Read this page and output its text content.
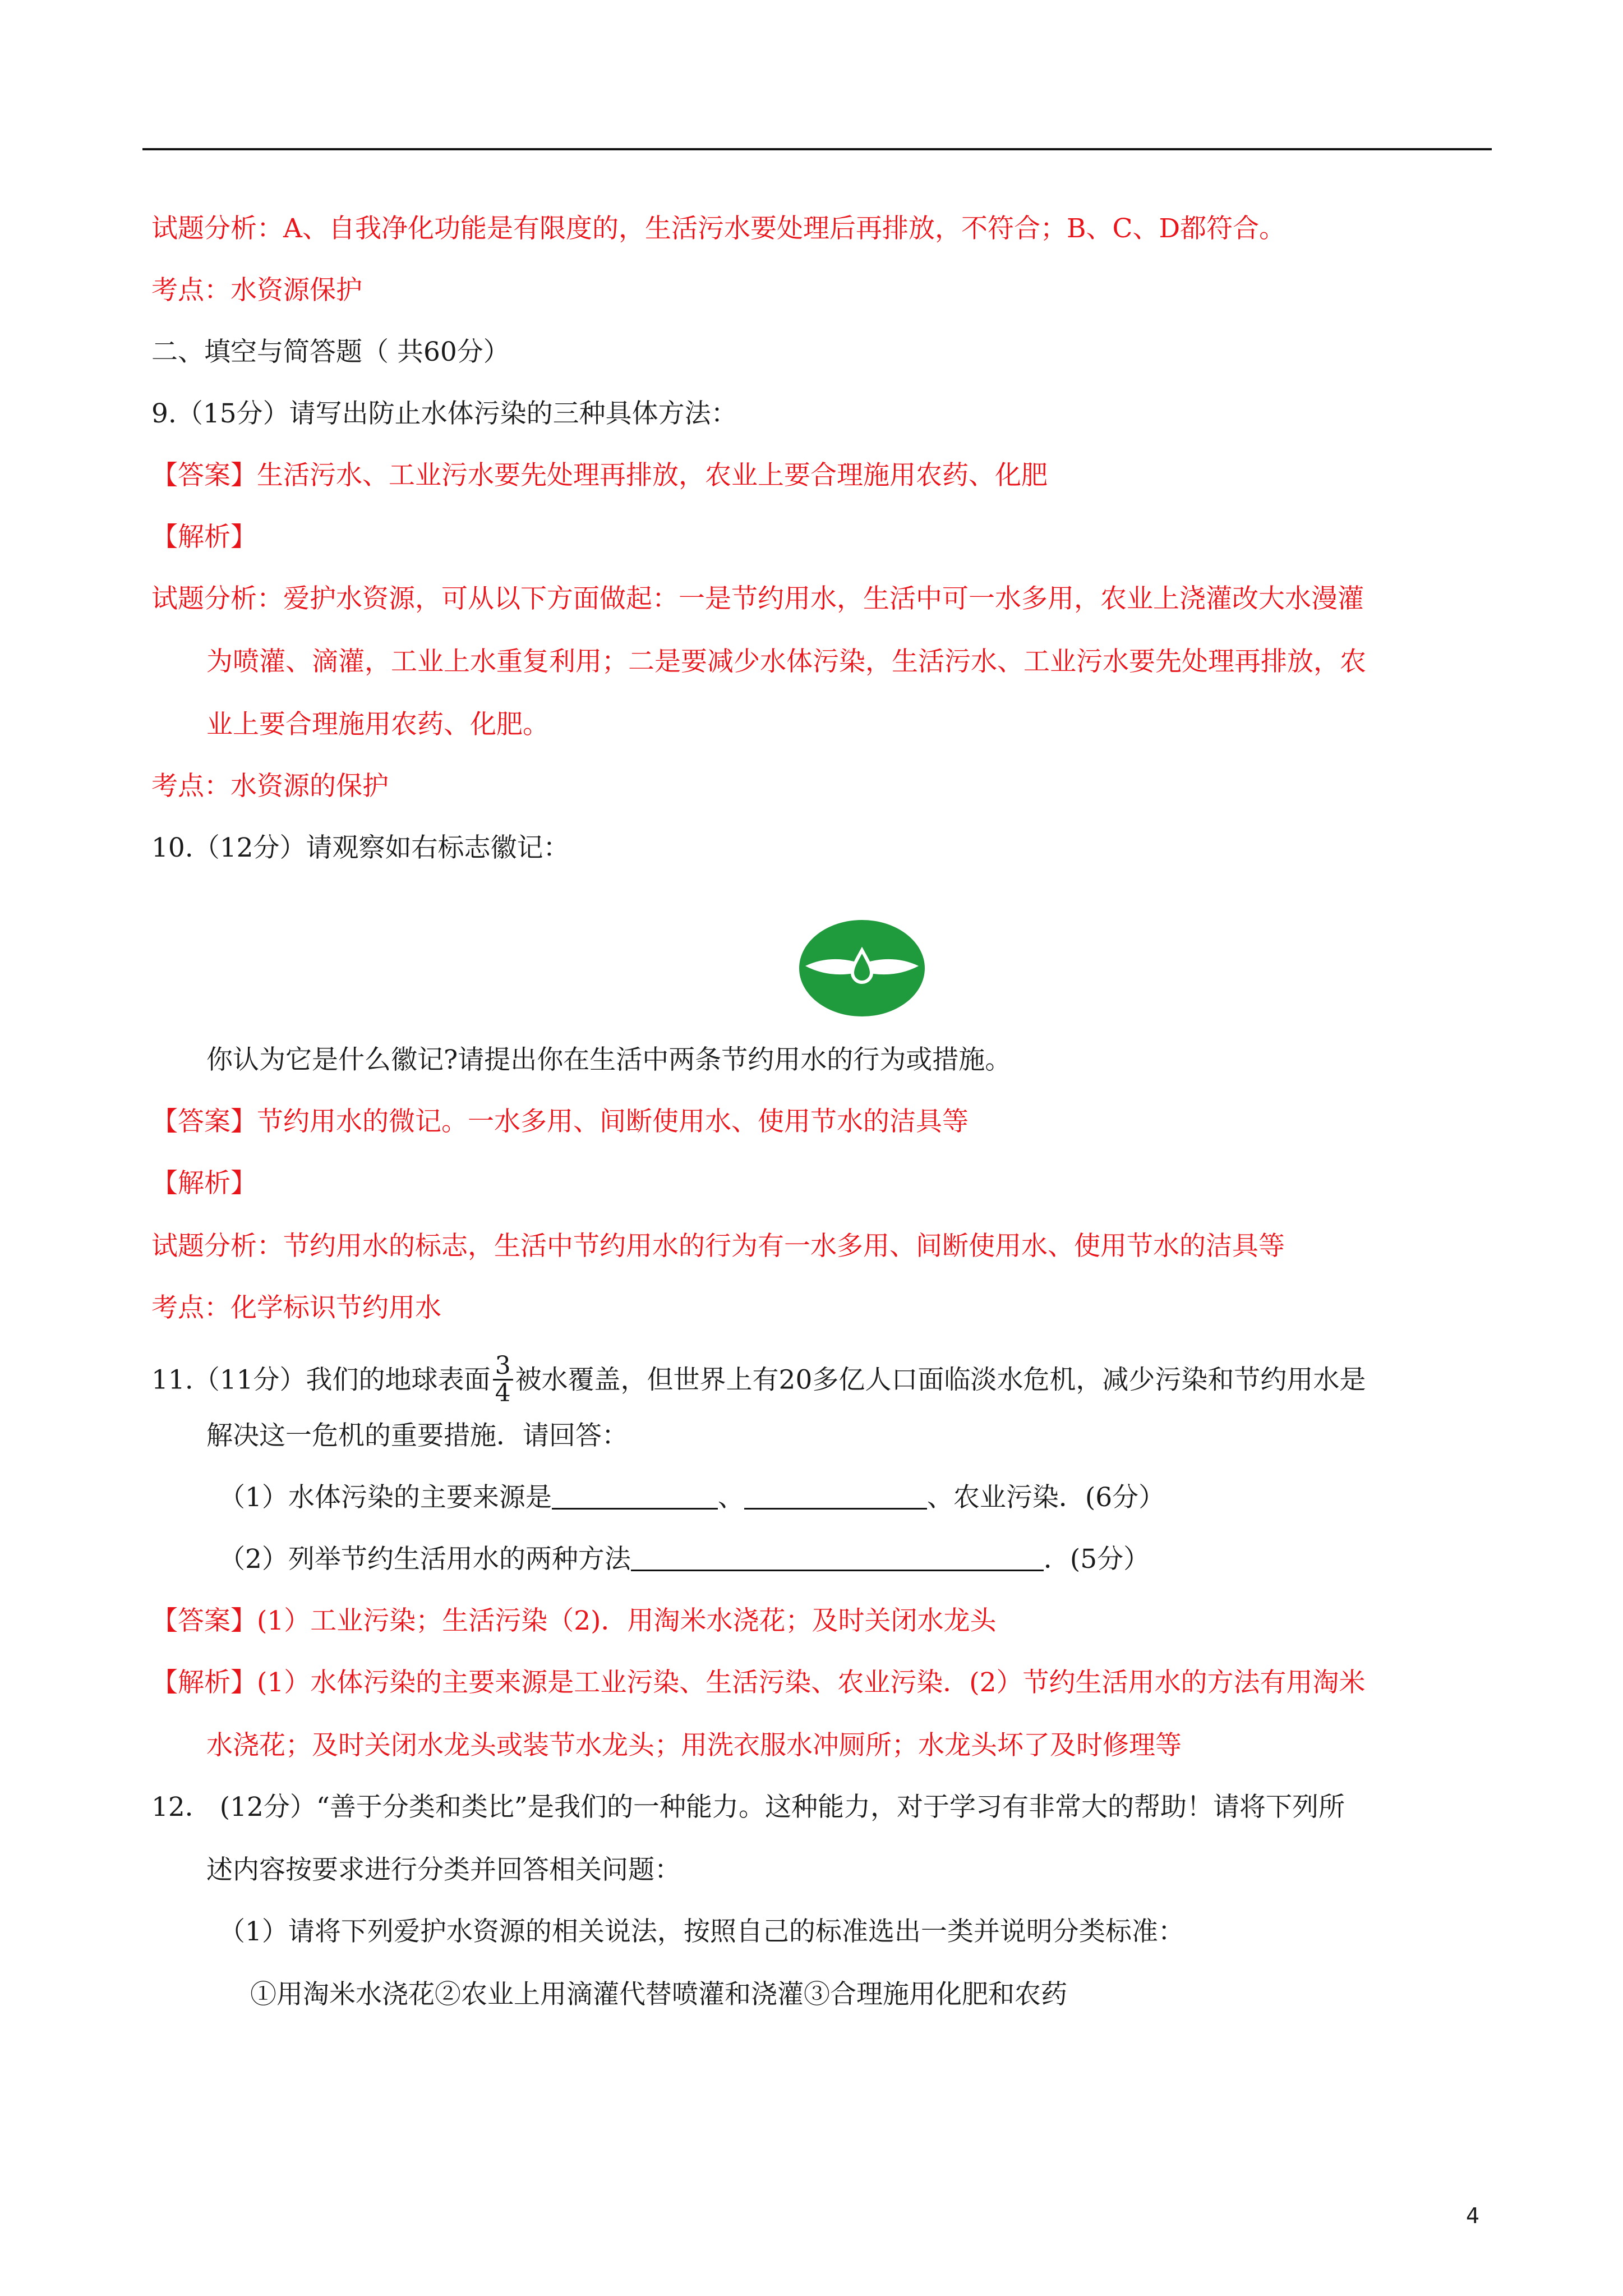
试题分析：A、自我净化功能是有限度的，生活污水要处理后再排放，不符合；B、C、D都符合。
考点：水资源保护
二、填空与简答题（ 共60分）
9.（15分）请写出防止水体污染的三种具体方法：
【答案】生活污水、工业污水要先处理再排放，农业上要合理施用农药、化肥
【解析】
试题分析：爱护水资源，可从以下方面做起：一是节约用水，生活中可一水多用，农业上浇灌改大水漫灌
为喷灌、滴灌，工业上水重复利用；二是要减少水体污染，生活污水、工业污水要先处理再排放，农
业上要合理施用农药、化肥。
考点：水资源的保护
10.（12分）请观察如右标志徽记：
你认为它是什么徽记?请提出你在生活中两条节约用水的行为或措施。
【答案】节约用水的微记。一水多用、间断使用水、使用节水的洁具等
【解析】
试题分析：节约用水的标志，生活中节约用水的行为有一水多用、间断使用水、使用节水的洁具等
考点：化学标识节约用水
11.（11分）我们的地球表面 $\frac{3}{4}$ 被水覆盖，但世界上有20多亿人口面临淡水危机，减少污染和节约用水是
解决这一危机的重要措施．请回答：
（1）水体污染的主要来源是	、	、农业污染．(6分）
（2）列举节约生活用水的两种方法	．(5分）
【答案】(1）工业污染；生活污染（2)．用淘米水浇花；及时关闭水龙头
【解析】(1）水体污染的主要来源是工业污染、生活污染、农业污染．(2）节约生活用水的方法有用淘米
水浇花；及时关闭水龙头或装节水龙头；用洗衣服水冲厕所；水龙头坏了及时修理等
12． (12分）“善于分类和类比”是我们的一种能力。这种能力，对于学习有非常大的帮助！请将下列所
述内容按要求进行分类并回答相关问题：
（1）请将下列爱护水资源的相关说法，按照自己的标准选出一类并说明分类标准：
①用淘米水浇花②农业上用滴灌代替喷灌和浇灌③合理施用化肥和农药
4
